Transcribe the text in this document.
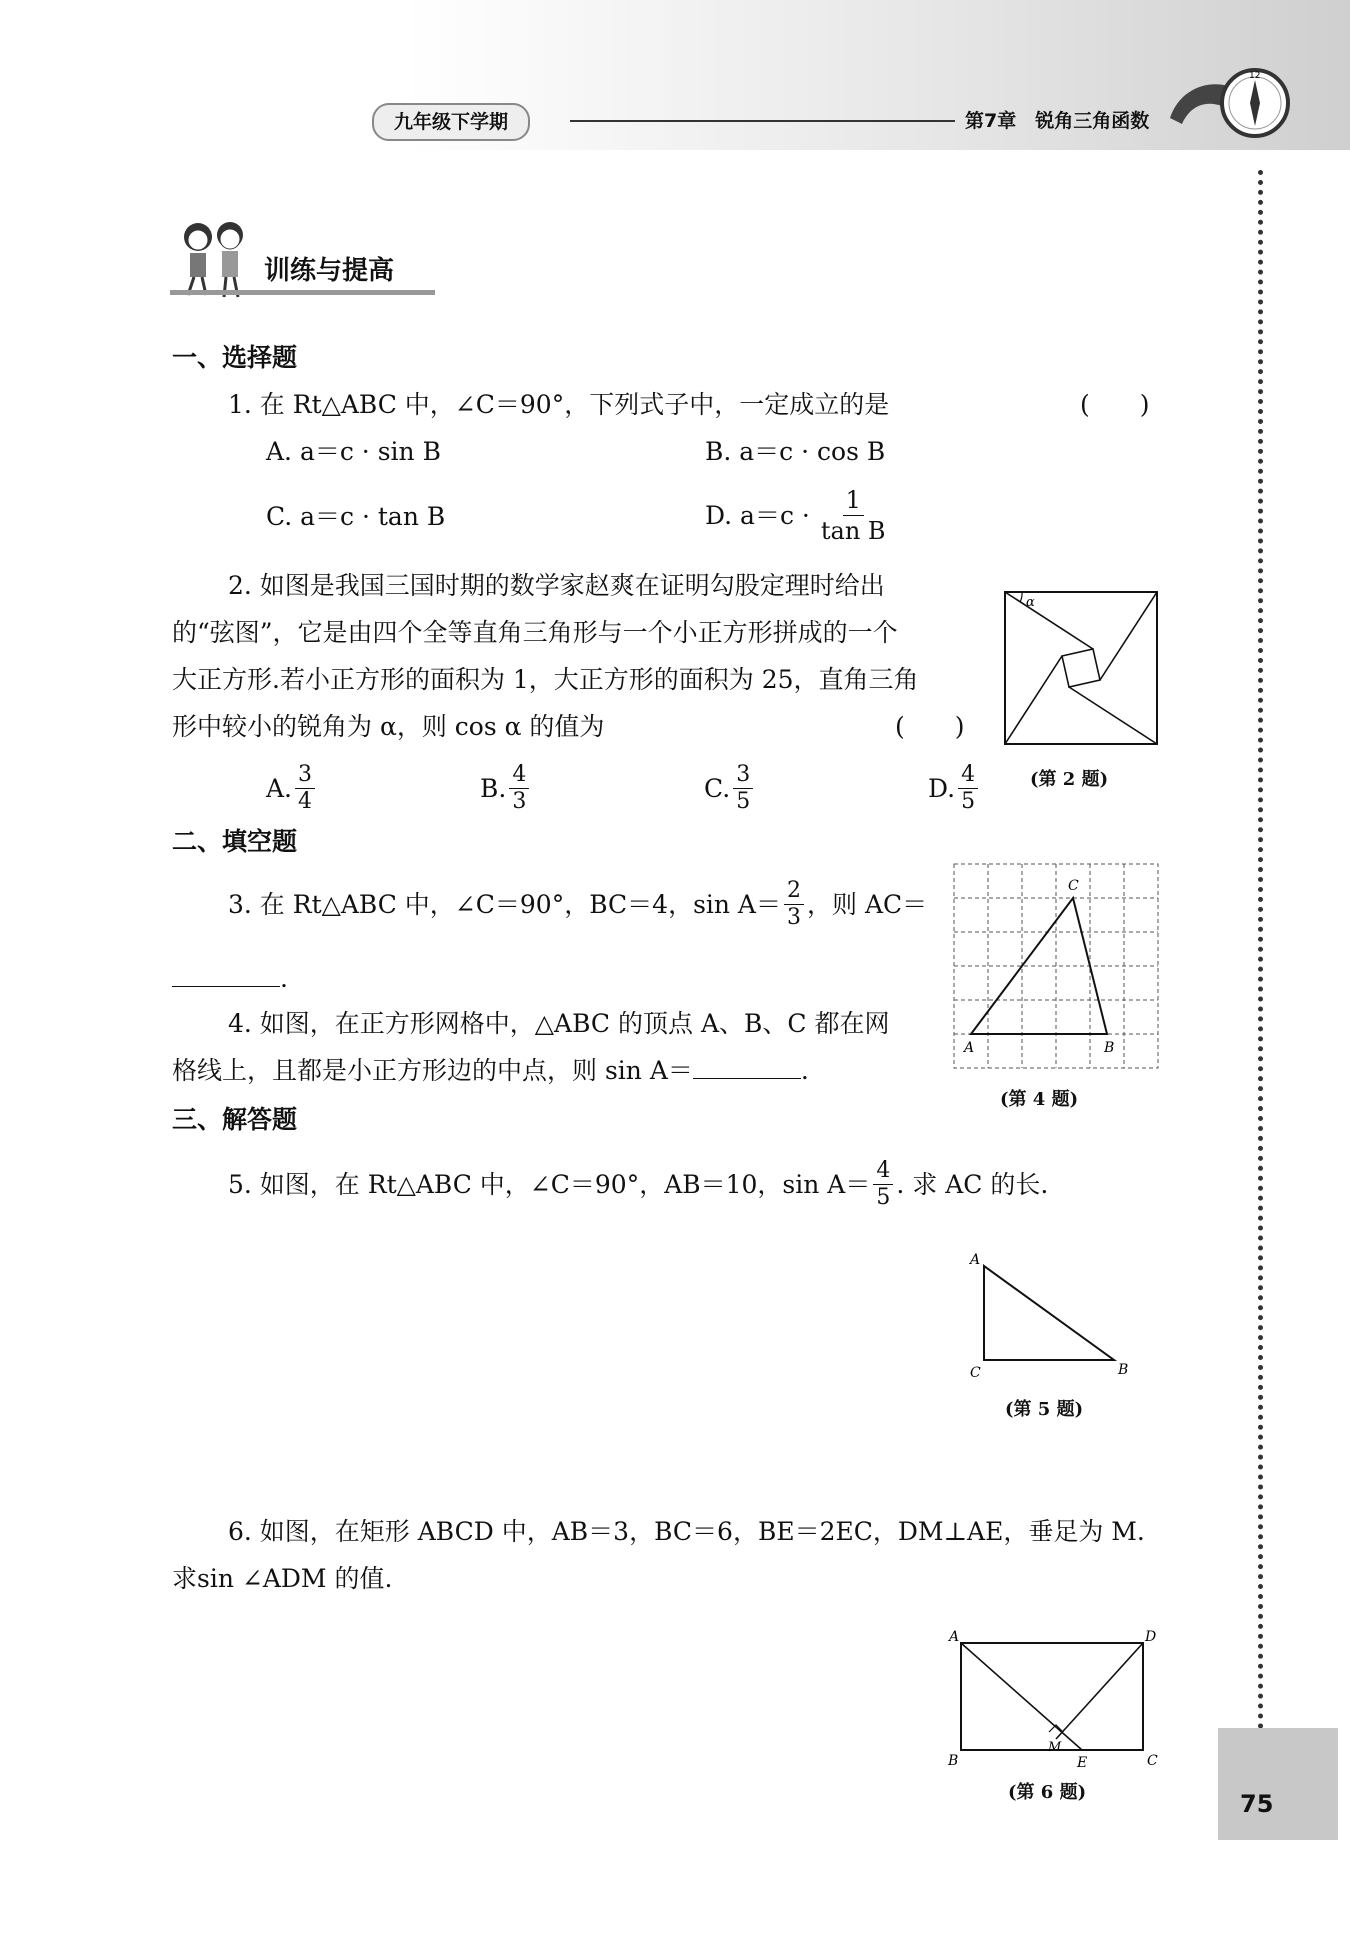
九年级下学期	第7章　锐角三角函数
12
训练与提高
一、选择题
1. 在 Rt△ABC 中，∠C＝90°，下列式子中，一定成立的是	(　　)
A. a＝c · sin B	B. a＝c · cos B
C. a＝c · tan B	D. $a=c \cdot \frac{1}{\text{tan B}}$
2. 如图是我国三国时期的数学家赵爽在证明勾股定理时给出
的“弦图”，它是由四个全等直角三角形与一个小正方形拼成的一个
大正方形.若小正方形的面积为 1，大正方形的面积为 25，直角三角
形中较小的锐角为 α，则 cos α 的值为	(　　)
A. $\frac{3}{4}$	B. $\frac{4}{3}$	C. $\frac{3}{5}$	D. $\frac{4}{5}$
α
(第 2 题)
二、填空题
3. 在 Rt△ABC 中，∠C＝90°，BC＝4，$\sin A= \frac{2}{3}$ ，则 AC＝
.
4. 如图，在正方形网格中，△ABC 的顶点 A、B、C 都在网
格线上，且都是小正方形边的中点，则 sin A＝	.
A	B
C
(第 4 题)
三、解答题
5. 如图，在 Rt△ABC 中，∠C＝90°，AB＝10，$\sin A= \frac{4}{5}$ . 求 AC 的长.
A
C	B
(第 5 题)
6. 如图，在矩形 ABCD 中，AB＝3，BC＝6，BE＝2EC，DM⊥AE，垂足为 M.
求sin ∠ADM 的值.
A	D
B	C
E
M
(第 6 题)	75
